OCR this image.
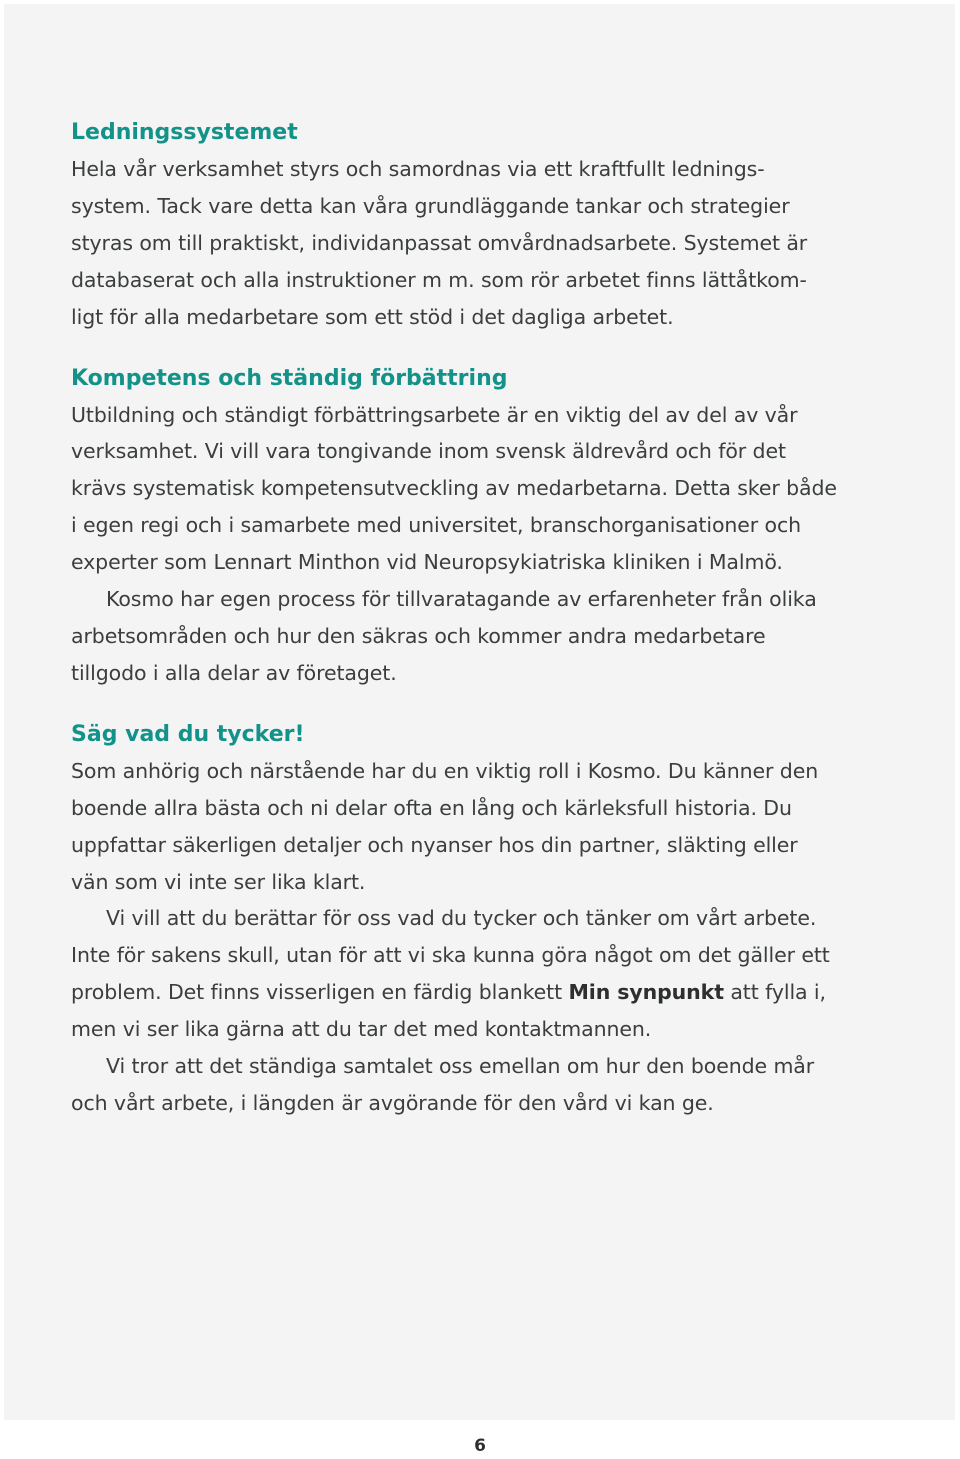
Ledningssystemet

Hela vår verksamhet styrs och samordnas via ett kraftfullt lednings-
system. Tack vare detta kan våra grundläggande tankar och strategier
styras om till praktiskt, individanpassat omvårdnadsarbete. Systemet är
databaserat och alla instruktioner m m. som rör arbetet finns lättåtkom-
ligt för alla medarbetare som ett stöd i det dagliga arbetet.

Kompetens och ständig förbättring

Utbildning och ständigt förbättringsarbete är en viktig del av del av vår
verksamhet. Vi vill vara tongivande inom svensk äldrevård och för det
krävs systematisk kompetensutveckling av medarbetarna. Detta sker både
i egen regi och i samarbete med universitet, branschorganisationer och
experter som Lennart Minthon vid Neuropsykiatriska kliniken i Malmö.

Kosmo har egen process för tillvaratagande av erfarenheter från olika
arbetsområden och hur den säkras och kommer andra medarbetare
tillgodo i alla delar av företaget.

Säg vad du tycker!

Som anhörig och närstående har du en viktig roll i Kosmo. Du känner den
boende allra bästa och ni delar ofta en lång och kärleksfull historia. Du
uppfattar säkerligen detaljer och nyanser hos din partner, släkting eller
vän som vi inte ser lika klart.

Vi vill att du berättar för oss vad du tycker och tänker om vårt arbete.
Inte för sakens skull, utan för att vi ska kunna göra något om det gäller ett
problem. Det finns visserligen en färdig blankett Min synpunkt att fylla i,
men vi ser lika gärna att du tar det med kontaktmannen.

Vi tror att det ständiga samtalet oss emellan om hur den boende mår
och vårt arbete, i längden är avgörande för den vård vi kan ge.

6
